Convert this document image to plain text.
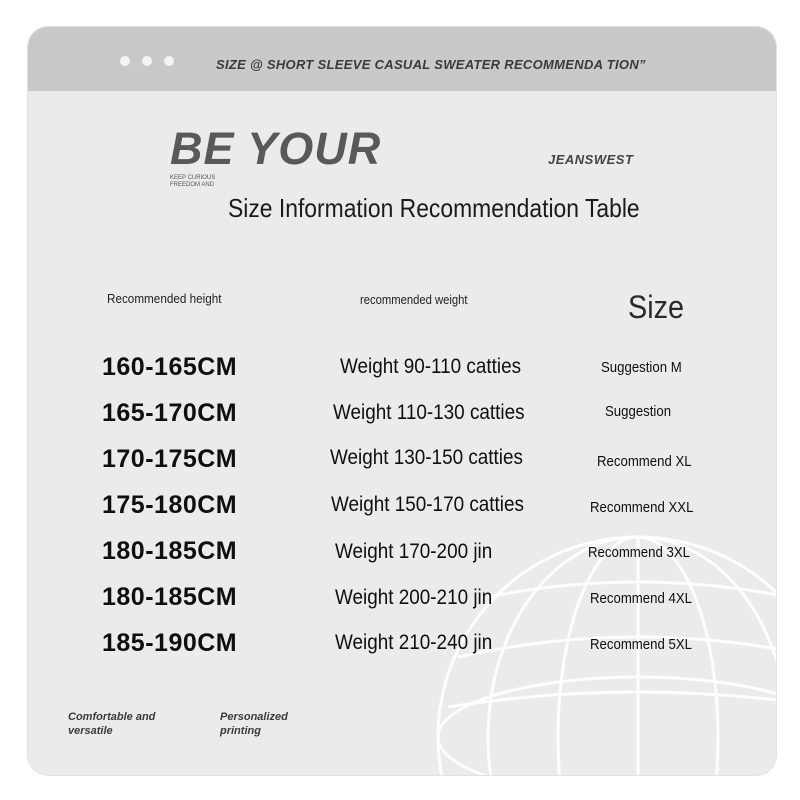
SIZE @ SHORT SLEEVE CASUAL SWEATER RECOMMENDA TION”
BE YOUR
KEEP CURIOUS FREEDOM AND
JEANSWEST
Size Information Recommendation Table
Recommended height	recommended weight	Size
160-165CM	Weight 90-110 catties	Suggestion M
165-170CM	Weight 110-130 catties	Suggestion
170-175CM	Weight 130-150 catties	Recommend XL
175-180CM	Weight 150-170 catties	Recommend XXL
180-185CM	Weight 170-200 jin	Recommend 3XL
180-185CM	Weight 200-210 jin	Recommend 4XL
185-190CM	Weight 210-240 jin	Recommend 5XL
Comfortable and versatile
Personalized printing
